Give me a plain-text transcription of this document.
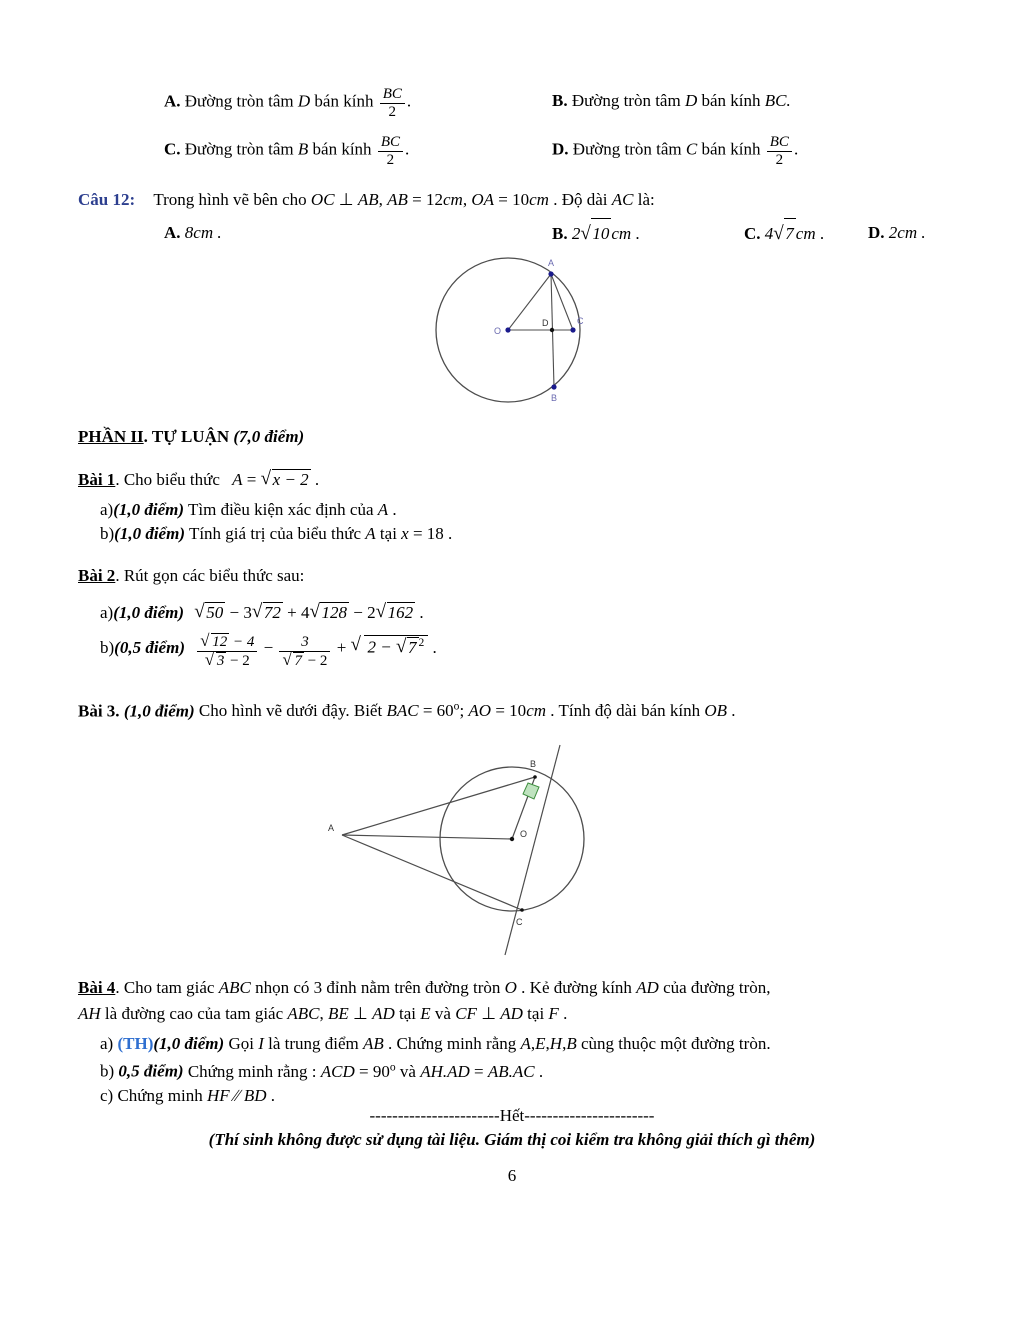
A. Đường tròn tâm D bán kính $\frac{BC}{2}$ .	B. Đường tròn tâm D bán kính BC.
C. Đường tròn tâm B bán kính $\frac{BC}{2}$ .	D. Đường tròn tâm C bán kính $\frac{BC}{2}$ .
Câu 12:  Trong hình vẽ bên cho OC ⊥ AB, AB = 12cm, OA = 10cm . Độ dài AC là:
A. 8cm .	B. 2 √ 10 cm .	C. 4 √ 7 cm .	D. 2cm .
O
A
B
C
D
PHẦN II. TỰ LUẬN (7,0 điểm)
Bài 1. Cho biểu thức A = √ x − 2 .
a)(1,0 điểm) Tìm điều kiện xác định của A .
b)(1,0 điểm) Tính giá trị của biểu thức A tại x = 18 .
Bài 2. Rút gọn các biểu thức sau:
a)(1,0 điểm) √ 50 − 3 √ 72 + 4 √ 128 − 2 √ 162 .
b)(0,5 điểm) √ 12 − 4
√ 3 − 2 − 3
√ 7 − 2 + √ 2 − √ 7 $^2$ .
Bài 3. (1,0 điểm) Cho hình vẽ dưới đậy. Biết BAC = $60^o$; AO = 10cm . Tính độ dài bán kính OB .
A
B
C
O
Bài 4. Cho tam giác ABC nhọn có 3 đỉnh nằm trên đường tròn O . Kẻ đường kính AD của đường tròn,
AH là đường cao của tam giác ABC, BE ⊥ AD tại E và CF ⊥ AD tại F .
a) (TH)(1,0 điểm) Gọi I là trung điểm AB . Chứng minh rằng A,E,H,B cùng thuộc một đường tròn.
b) 0,5 điểm) Chứng minh rằng : ACD = $90^o$ và AH.AD = AB.AC .
c) Chứng minh HF ∕∕ BD .
-----------------------Hết-----------------------
(Thí sinh không được sử dụng tài liệu. Giám thị coi kiểm tra không giải thích gì thêm)
6
